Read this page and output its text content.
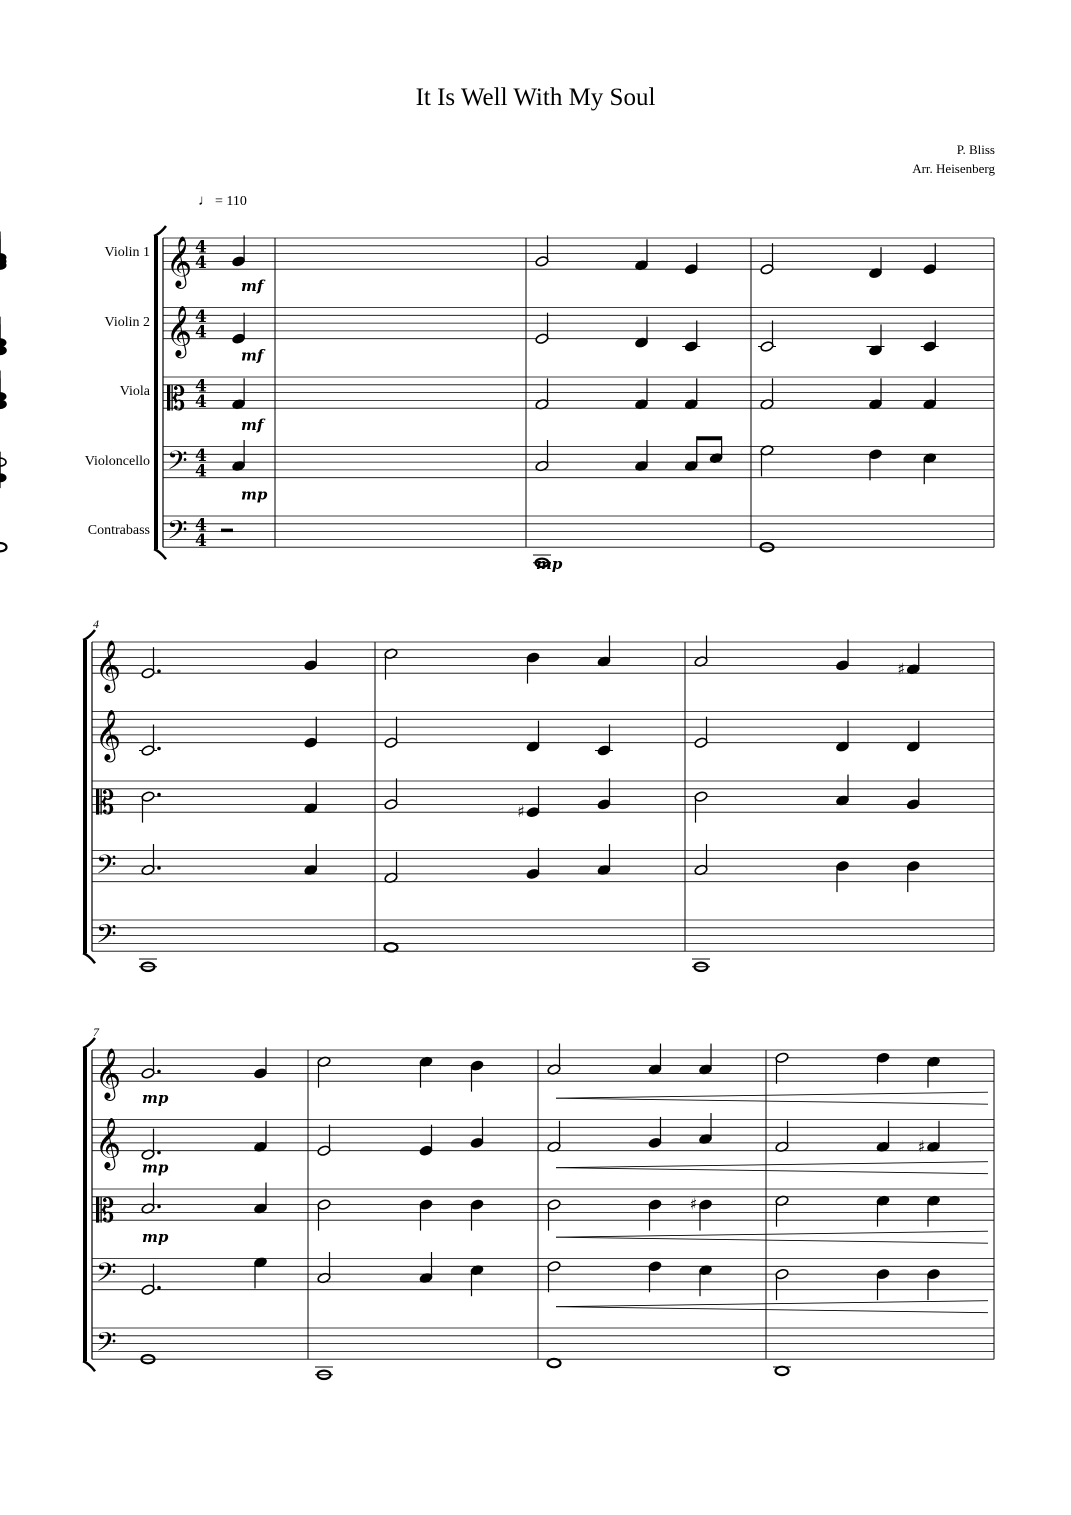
It Is Well With My Soul
P. Bliss
Arr. Heisenberg
♩ = 110
Violin 1
Violin 2
Viola
Violoncello
Contrabass
𝄞 4
4
𝄞 4
4
𝄡 4
4
𝄢 4
4
𝄢 4
4
mf
mf
mf
mp
mp
4
𝄞
𝄞
𝄡
𝄢
𝄢
♯
♯
7
𝄞
𝄞
𝄡
𝄢
𝄢
♯
♯
mp
mp
mp
